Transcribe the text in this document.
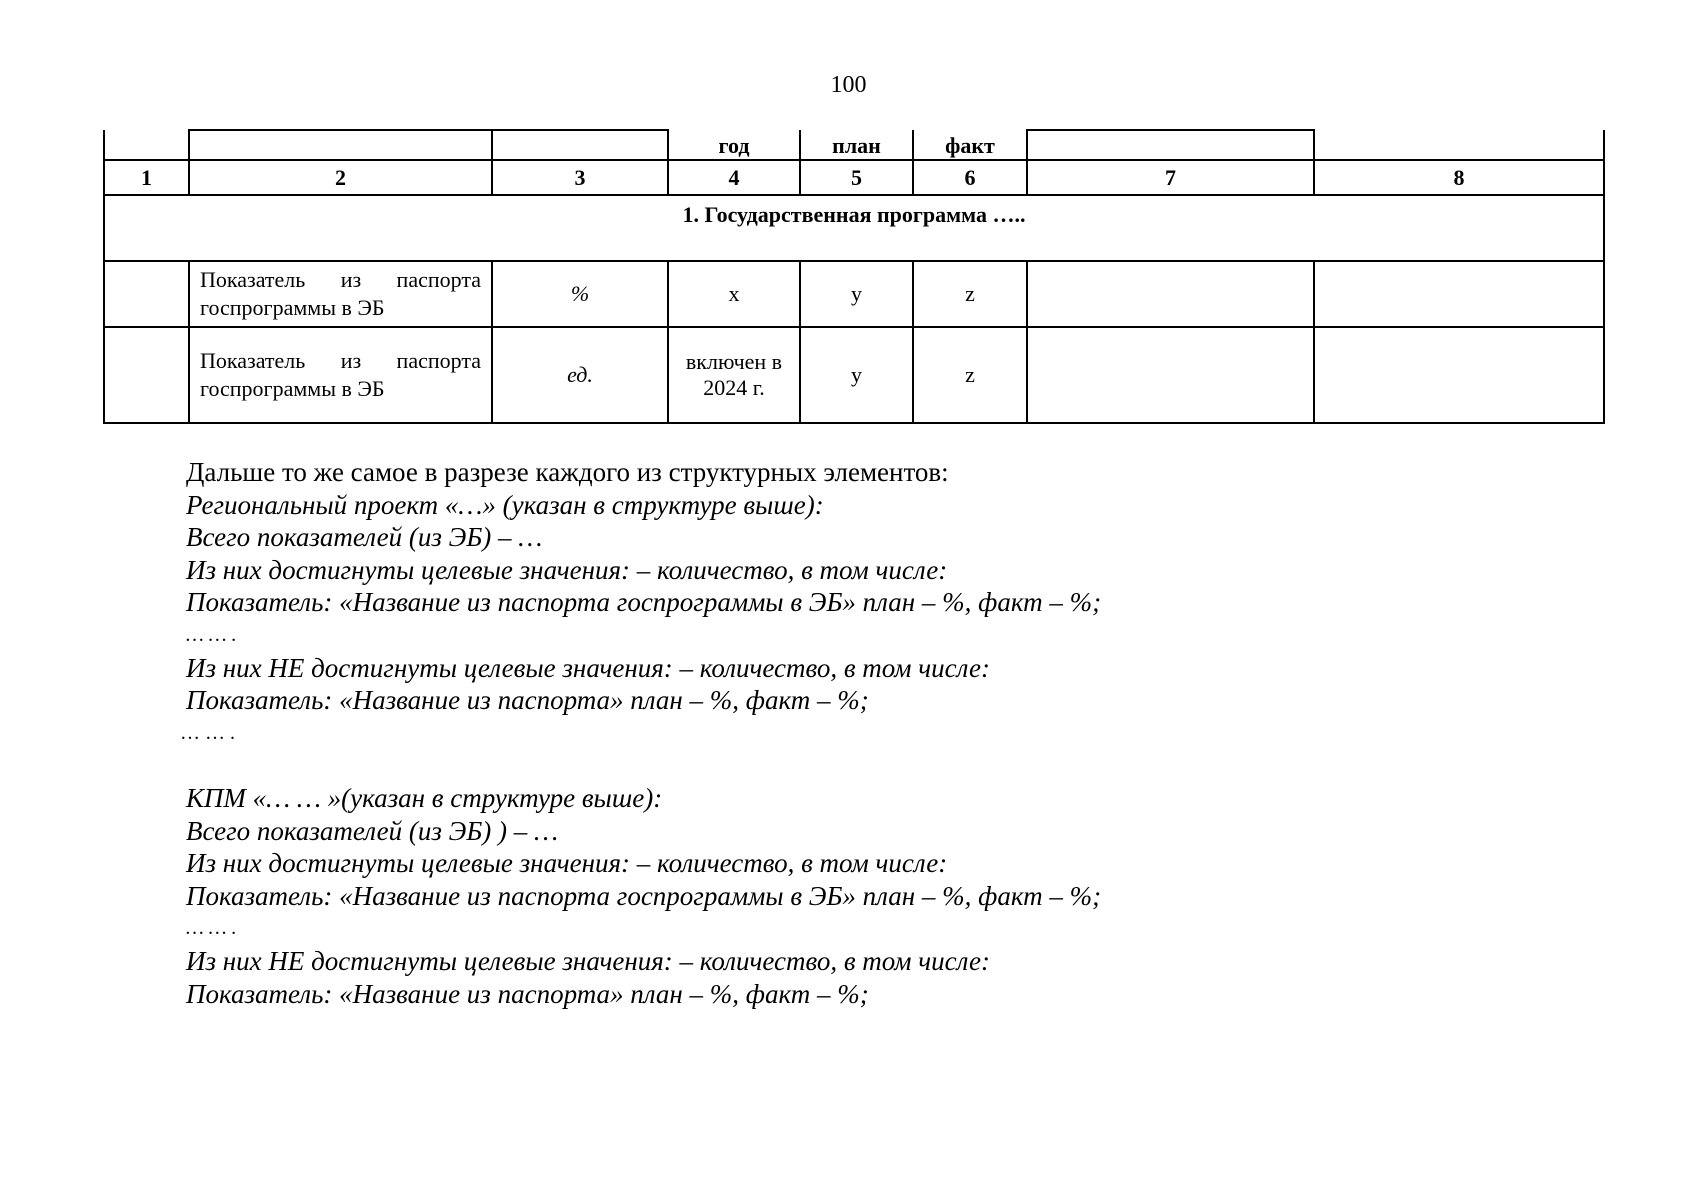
100
			год	план	факт		
1	2	3	4	5	6	7	8
1. Государственная программа …..							
	Показатель из паспорта госпрограммы в ЭБ	%	x	y	z		
	Показатель из паспорта госпрограммы в ЭБ	ед.	включен в 2024 г.	y	z		
Дальше то же самое в разрезе каждого из структурных элементов:
Региональный проект «…» (указан в структуре выше):
Всего показателей (из ЭБ) – …
Из них достигнуты целевые значения: – количество, в том числе:
Показатель: «Название из паспорта госпрограммы в ЭБ» план – %, факт – %;
… … .
Из них НЕ достигнуты целевые значения: – количество, в том числе:
Показатель: «Название из паспорта» план – %, факт – %;
… … .
КПМ «… … »(указан в структуре выше):
Всего показателей (из ЭБ) ) – …
Из них достигнуты целевые значения: – количество, в том числе:
Показатель: «Название из паспорта госпрограммы в ЭБ» план – %, факт – %;
… … .
Из них НЕ достигнуты целевые значения: – количество, в том числе:
Показатель: «Название из паспорта» план – %, факт – %;
